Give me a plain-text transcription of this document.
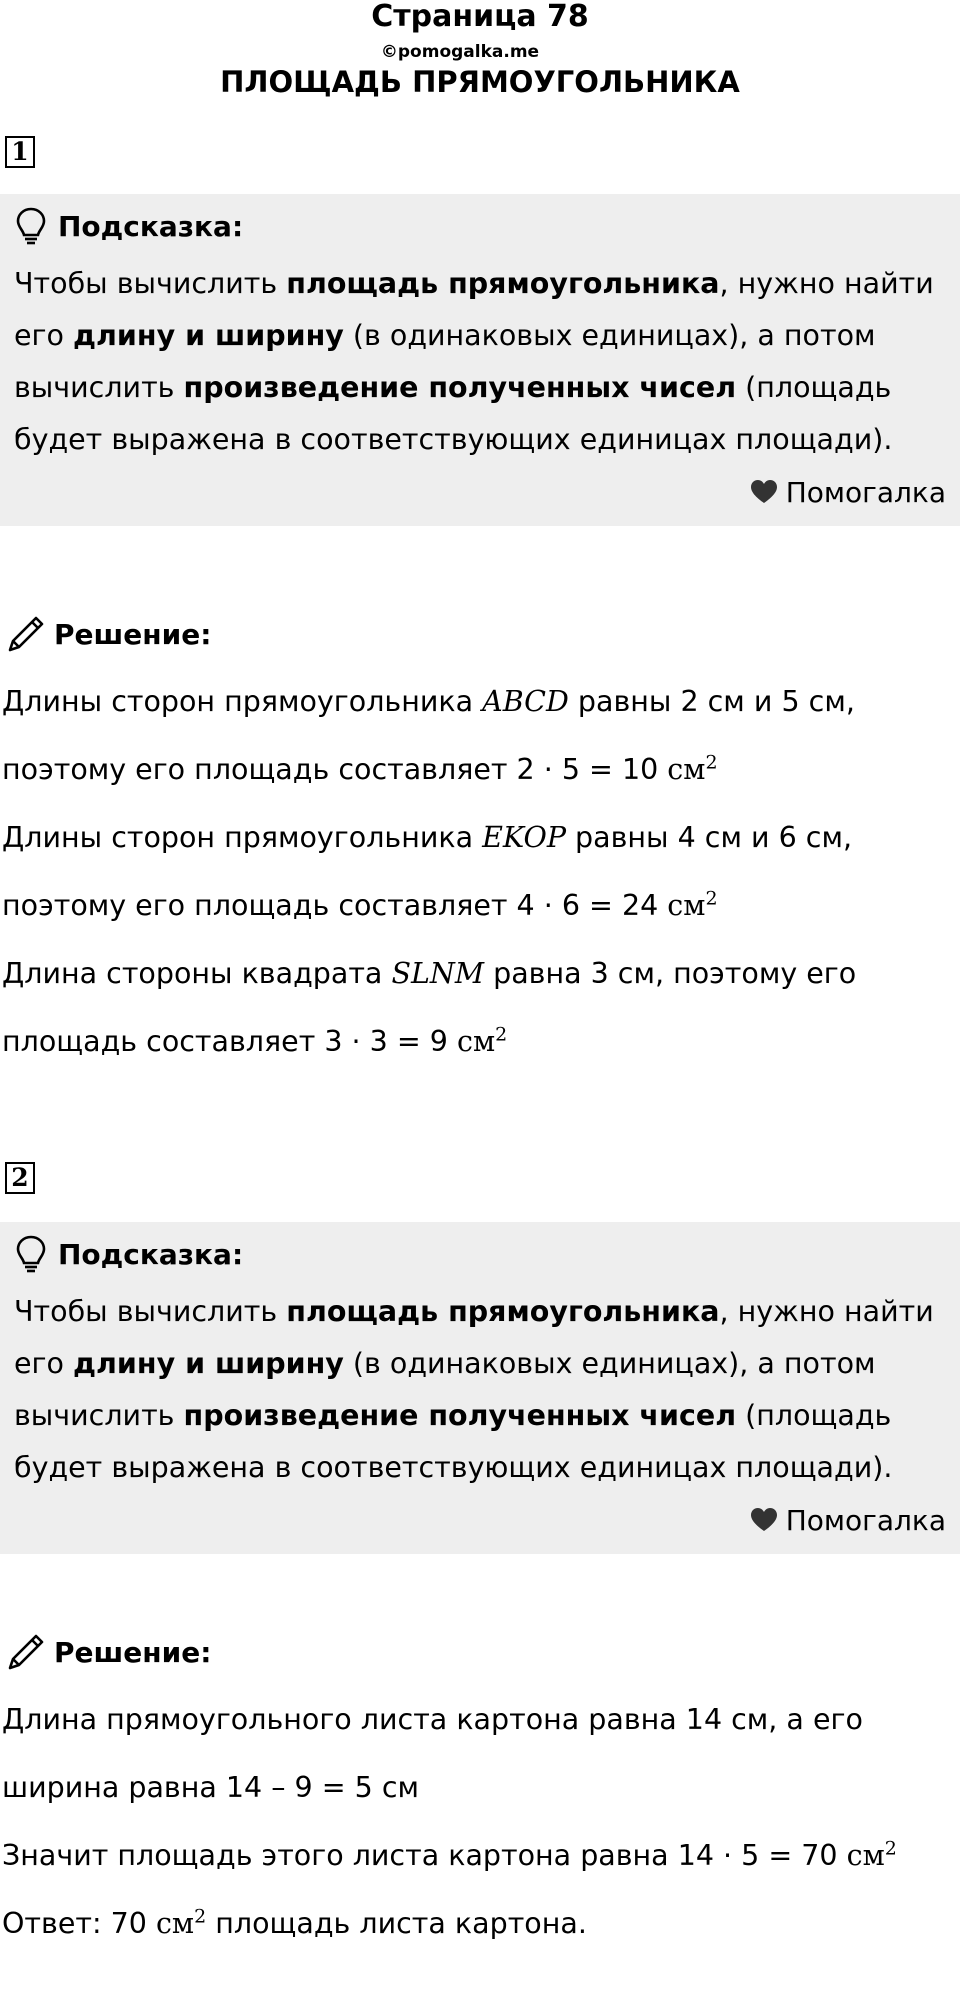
Страница 78
©pomogalka.me
ПЛОЩАДЬ ПРЯМОУГОЛЬНИКА
1
Подсказка:
Чтобы вычислить площадь прямоугольника, нужно найти
его длину и ширину (в одинаковых единицах), а потом
вычислить произведение полученных чисел (площадь
будет выражена в соответствующих единицах площади).
Помогалка
Решение:
Длины сторон прямоугольника ABCD равны 2 см и 5 см,
поэтому его площадь составляет 2 · 5 = 10 $см^2$
Длины сторон прямоугольника EKOP равны 4 см и 6 см,
поэтому его площадь составляет 4 · 6 = 24 $см^2$
Длина стороны квадрата SLNM равна 3 см, поэтому его
площадь составляет 3 · 3 = 9 $см^2$
2
Подсказка:
Чтобы вычислить площадь прямоугольника, нужно найти
его длину и ширину (в одинаковых единицах), а потом
вычислить произведение полученных чисел (площадь
будет выражена в соответствующих единицах площади).
Помогалка
Решение:
Длина прямоугольного листа картона равна 14 см, а его
ширина равна 14 – 9 = 5 см
Значит площадь этого листа картона равна 14 · 5 = 70 $см^2$
Ответ: 70 $см^2$ площадь листа картона.
